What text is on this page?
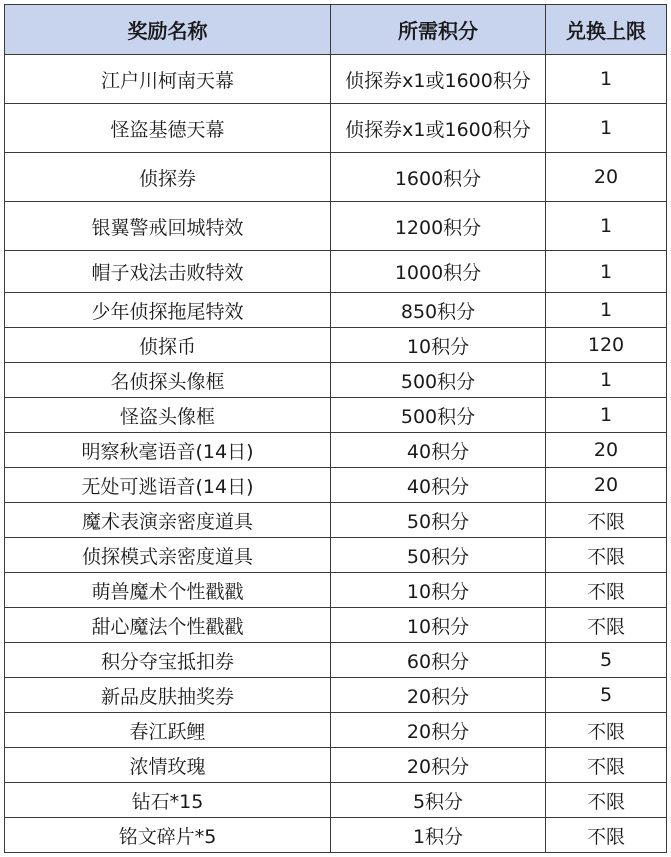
奖励名称	所需积分	兑换上限
江户川柯南天幕	侦探券x1或1600积分	1
怪盗基德天幕	侦探券x1或1600积分	1
侦探券	1600积分	20
银翼警戒回城特效	1200积分	1
帽子戏法击败特效	1000积分	1
少年侦探拖尾特效	850积分	1
侦探币	10积分	120
名侦探头像框	500积分	1
怪盗头像框	500积分	1
明察秋毫语音(14日)	40积分	20
无处可逃语音(14日)	40积分	20
魔术表演亲密度道具	50积分	不限
侦探模式亲密度道具	50积分	不限
萌兽魔术个性戳戳	10积分	不限
甜心魔法个性戳戳	10积分	不限
积分夺宝抵扣券	60积分	5
新品皮肤抽奖券	20积分	5
春江跃鲤	20积分	不限
浓情玫瑰	20积分	不限
钻石*15	5积分	不限
铭文碎片*5	1积分	不限
